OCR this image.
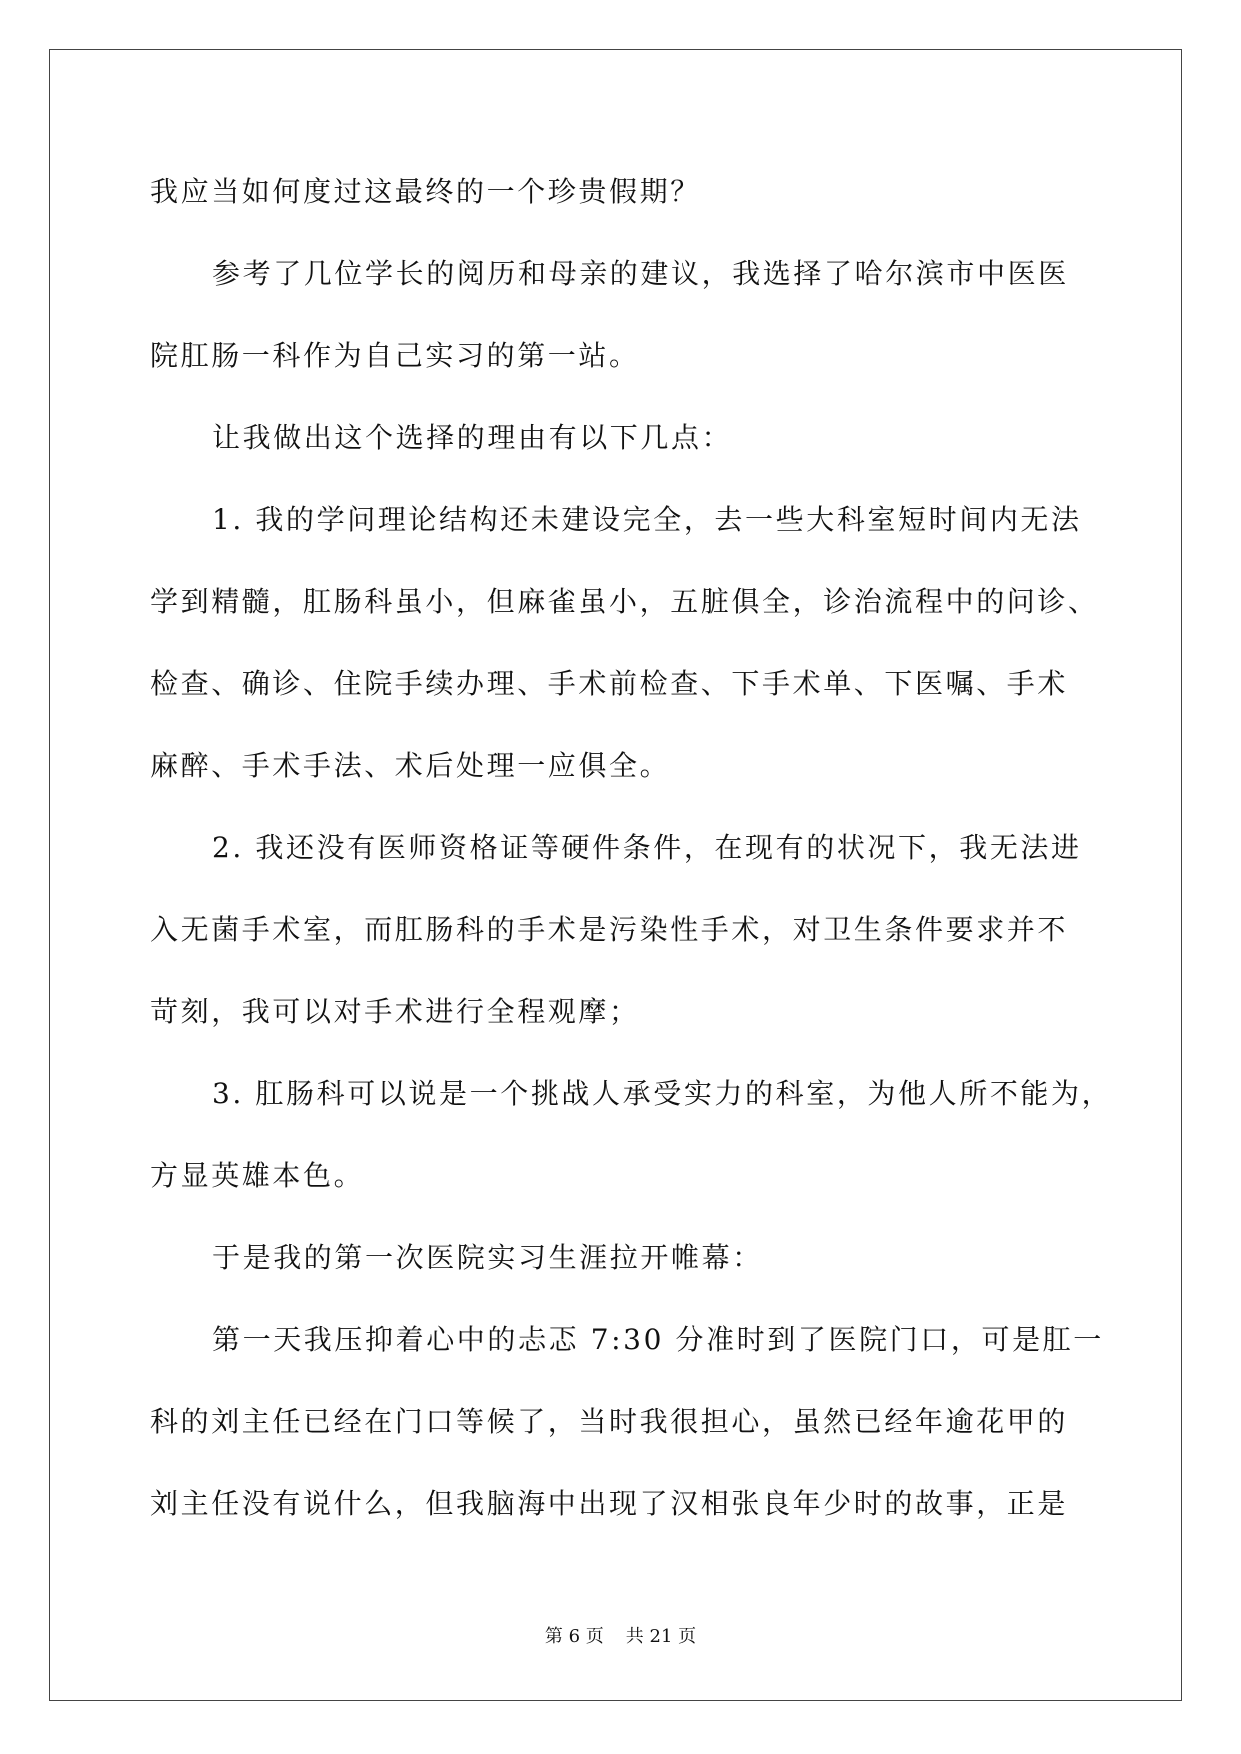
我应当如何度过这最终的一个珍贵假期？
参考了几位学长的阅历和母亲的建议，我选择了哈尔滨市中医医
院肛肠一科作为自己实习的第一站。
让我做出这个选择的理由有以下几点：
1. 我的学问理论结构还未建设完全，去一些大科室短时间内无法
学到精髓，肛肠科虽小，但麻雀虽小，五脏俱全，诊治流程中的问诊、
检查、确诊、住院手续办理、手术前检查、下手术单、下医嘱、手术
麻醉、手术手法、术后处理一应俱全。
2. 我还没有医师资格证等硬件条件，在现有的状况下，我无法进
入无菌手术室，而肛肠科的手术是污染性手术，对卫生条件要求并不
苛刻，我可以对手术进行全程观摩；
3. 肛肠科可以说是一个挑战人承受实力的科室，为他人所不能为，
方显英雄本色。
于是我的第一次医院实习生涯拉开帷幕：
第一天我压抑着心中的忐忑 7:30 分准时到了医院门口，可是肛一
科的刘主任已经在门口等候了，当时我很担心，虽然已经年逾花甲的
刘主任没有说什么，但我脑海中出现了汉相张良年少时的故事，正是
第 6 页 共 21 页
